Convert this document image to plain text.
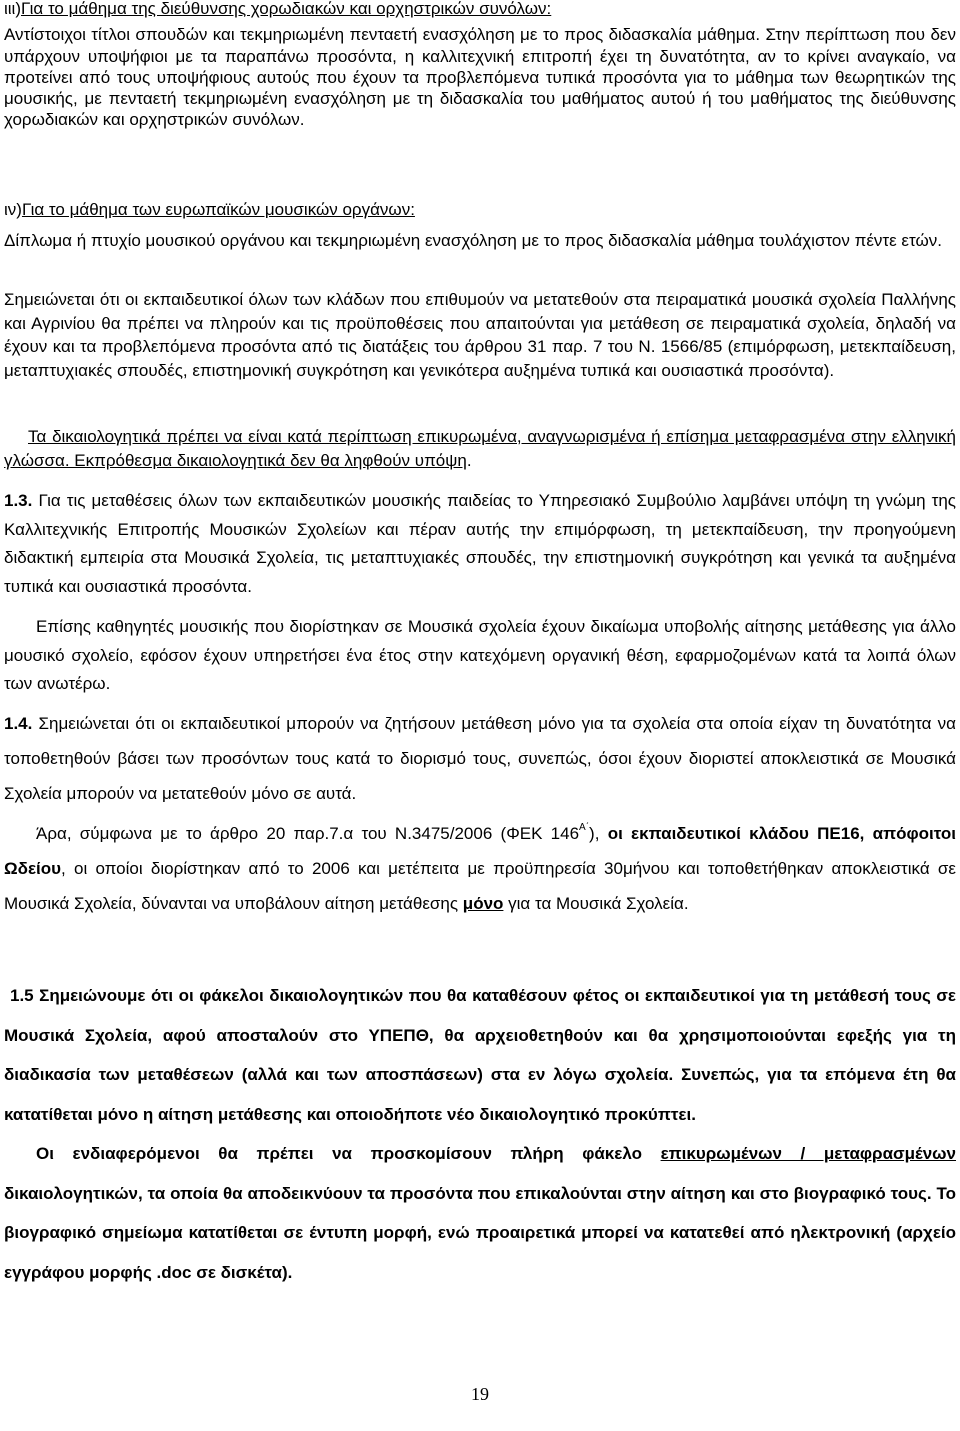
ιιι)Για το μάθημα της διεύθυνσης χορωδιακών και ορχηστρικών συνόλων:
Αντίστοιχοι τίτλοι σπουδών και τεκμηριωμένη πενταετή ενασχόληση με το προς διδασκαλία μάθημα. Στην περίπτωση που δεν υπάρχουν υποψήφιοι με τα παραπάνω προσόντα, η καλλιτεχνική επιτροπή έχει τη δυνατότητα, αν το κρίνει αναγκαίο, να προτείνει από τους υποψήφιους αυτούς που έχουν τα προβλεπόμενα τυπικά προσόντα για το μάθημα των θεωρητικών της μουσικής, με πενταετή τεκμηριωμένη ενασχόληση με τη διδασκαλία του μαθήματος αυτού ή του μαθήματος της διεύθυνσης χορωδιακών και ορχηστρικών συνόλων.
ιν)Για το μάθημα των ευρωπαϊκών μουσικών οργάνων:
Δίπλωμα ή πτυχίο μουσικού οργάνου και τεκμηριωμένη ενασχόληση με το προς διδασκαλία μάθημα τουλάχιστον πέντε ετών.
Σημειώνεται ότι οι εκπαιδευτικοί όλων των κλάδων που επιθυμούν να μετατεθούν στα πειραματικά μουσικά σχολεία Παλλήνης και Αγρινίου θα πρέπει να πληρούν και τις προϋποθέσεις που απαιτούνται για μετάθεση σε πειραματικά σχολεία, δηλαδή να έχουν και τα προβλεπόμενα προσόντα από τις διατάξεις του άρθρου 31 παρ. 7 του Ν. 1566/85 (επιμόρφωση, μετεκπαίδευση, μεταπτυχιακές σπουδές, επιστημονική συγκρότηση και γενικότερα αυξημένα τυπικά και ουσιαστικά προσόντα).
Τα δικαιολογητικά πρέπει να είναι κατά περίπτωση επικυρωμένα, αναγνωρισμένα ή επίσημα μεταφρασμένα στην ελληνική γλώσσα. Εκπρόθεσμα δικαιολογητικά δεν θα ληφθούν υπόψη.
1.3. Για τις μεταθέσεις όλων των εκπαιδευτικών μουσικής παιδείας το Υπηρεσιακό Συμβούλιο λαμβάνει υπόψη τη γνώμη της Καλλιτεχνικής Επιτροπής Μουσικών Σχολείων και πέραν αυτής την επιμόρφωση, τη μετεκπαίδευση, την προηγούμενη διδακτική εμπειρία στα Μουσικά Σχολεία, τις μεταπτυχιακές σπουδές, την επιστημονική συγκρότηση και γενικά τα αυξημένα τυπικά και ουσιαστικά προσόντα.
Επίσης καθηγητές μουσικής που διορίστηκαν σε Μουσικά σχολεία έχουν δικαίωμα υποβολής αίτησης μετάθεσης για άλλο μουσικό σχολείο, εφόσον έχουν υπηρετήσει ένα έτος στην κατεχόμενη οργανική θέση, εφαρμοζομένων κατά τα λοιπά όλων των ανωτέρω.
1.4. Σημειώνεται ότι οι εκπαιδευτικοί μπορούν να ζητήσουν μετάθεση μόνο για τα σχολεία στα οποία είχαν τη δυνατότητα να τοποθετηθούν βάσει των προσόντων τους κατά το διορισμό τους, συνεπώς, όσοι έχουν διοριστεί αποκλειστικά σε Μουσικά Σχολεία μπορούν να μετατεθούν μόνο σε αυτά.
Άρα, σύμφωνα με το άρθρο 20 παρ.7.α του Ν.3475/2006 (ΦΕΚ $146^{A΄}$), οι εκπαιδευτικοί κλάδου ΠΕ16, απόφοιτοι Ωδείου, οι οποίοι διορίστηκαν από το 2006 και μετέπειτα με προϋπηρεσία 30μήνου και τοποθετήθηκαν αποκλειστικά σε Μουσικά Σχολεία, δύνανται να υποβάλουν αίτηση μετάθεσης μόνο για τα Μουσικά Σχολεία.
1.5 Σημειώνουμε ότι οι φάκελοι δικαιολογητικών που θα καταθέσουν φέτος οι εκπαιδευτικοί για τη μετάθεσή τους σε Μουσικά Σχολεία, αφού αποσταλούν στο ΥΠΕΠΘ, θα αρχειοθετηθούν και θα χρησιμοποιούνται εφεξής για τη διαδικασία των μεταθέσεων (αλλά και των αποσπάσεων) στα εν λόγω σχολεία. Συνεπώς, για τα επόμενα έτη θα κατατίθεται μόνο η αίτηση μετάθεσης και οποιοδήποτε νέο δικαιολογητικό προκύπτει.
Οι ενδιαφερόμενοι θα πρέπει να προσκομίσουν πλήρη φάκελο επικυρωμένων / μεταφρασμένων δικαιολογητικών, τα οποία θα αποδεικνύουν τα προσόντα που επικαλούνται στην αίτηση και στο βιογραφικό τους. Το βιογραφικό σημείωμα κατατίθεται σε έντυπη μορφή, ενώ προαιρετικά μπορεί να κατατεθεί από ηλεκτρονική (αρχείο εγγράφου μορφής .doc σε δισκέτα).
19
